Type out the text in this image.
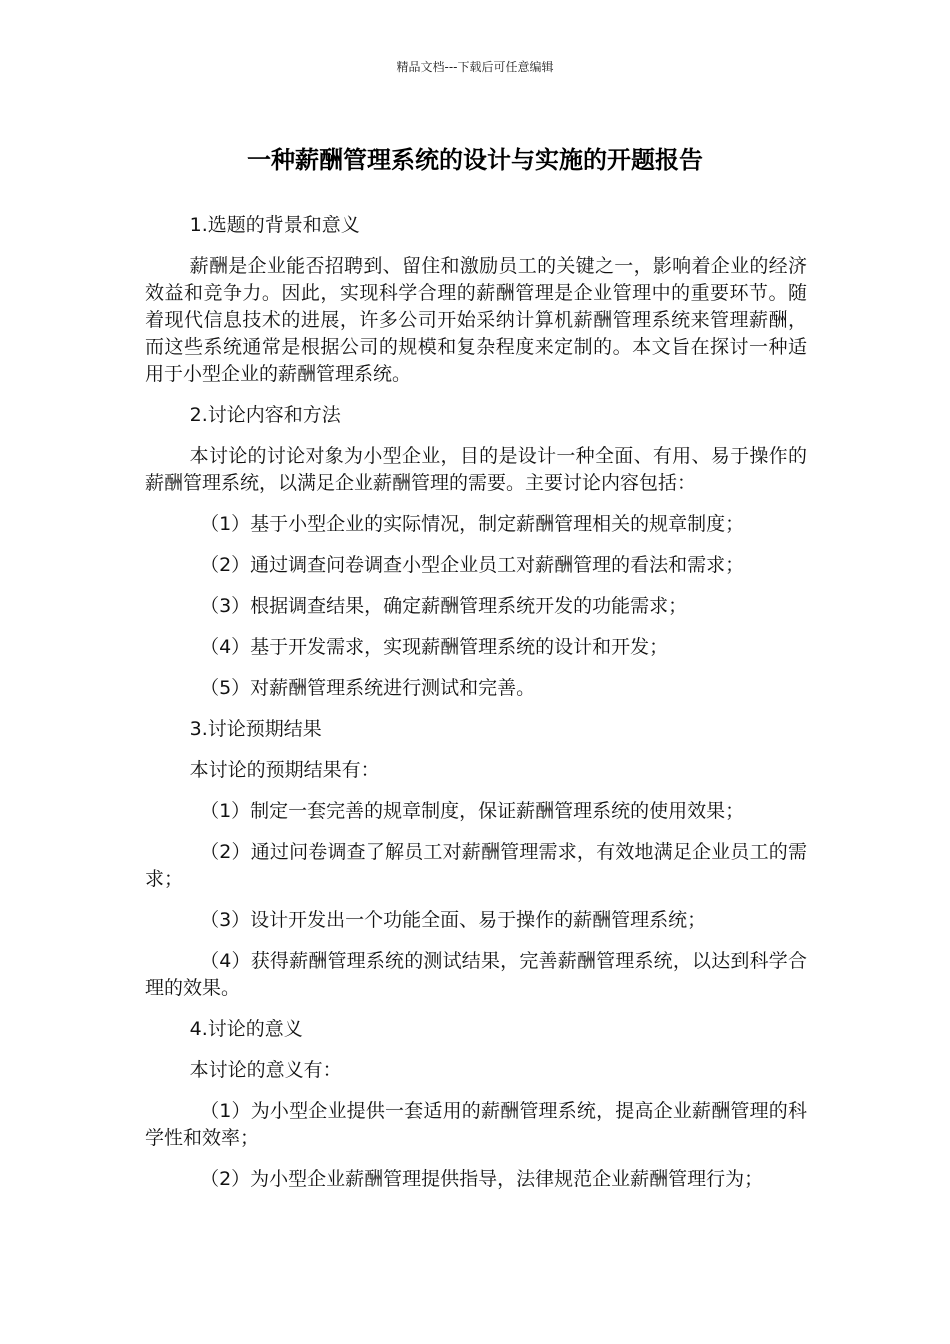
精品文档---下载后可任意编辑
一种薪酬管理系统的设计与实施的开题报告

1.选题的背景和意义

薪酬是企业能否招聘到、留住和激励员工的关键之一，影响着企业的经济效益和竞争力。因此，实现科学合理的薪酬管理是企业管理中的重要环节。随着现代信息技术的进展，许多公司开始采纳计算机薪酬管理系统来管理薪酬，而这些系统通常是根据公司的规模和复杂程度来定制的。本文旨在探讨一种适用于小型企业的薪酬管理系统。

2.讨论内容和方法

本讨论的讨论对象为小型企业，目的是设计一种全面、有用、易于操作的薪酬管理系统，以满足企业薪酬管理的需要。主要讨论内容包括：

（1）基于小型企业的实际情况，制定薪酬管理相关的规章制度；

（2）通过调查问卷调查小型企业员工对薪酬管理的看法和需求；

（3）根据调查结果，确定薪酬管理系统开发的功能需求；

（4）基于开发需求，实现薪酬管理系统的设计和开发；

（5）对薪酬管理系统进行测试和完善。

3.讨论预期结果

本讨论的预期结果有：

（1）制定一套完善的规章制度，保证薪酬管理系统的使用效果；

（2）通过问卷调查了解员工对薪酬管理需求，有效地满足企业员工的需求；

（3）设计开发出一个功能全面、易于操作的薪酬管理系统；

（4）获得薪酬管理系统的测试结果，完善薪酬管理系统，以达到科学合理的效果。

4.讨论的意义

本讨论的意义有：

（1）为小型企业提供一套适用的薪酬管理系统，提高企业薪酬管理的科学性和效率；

（2）为小型企业薪酬管理提供指导，法律规范企业薪酬管理行为；
